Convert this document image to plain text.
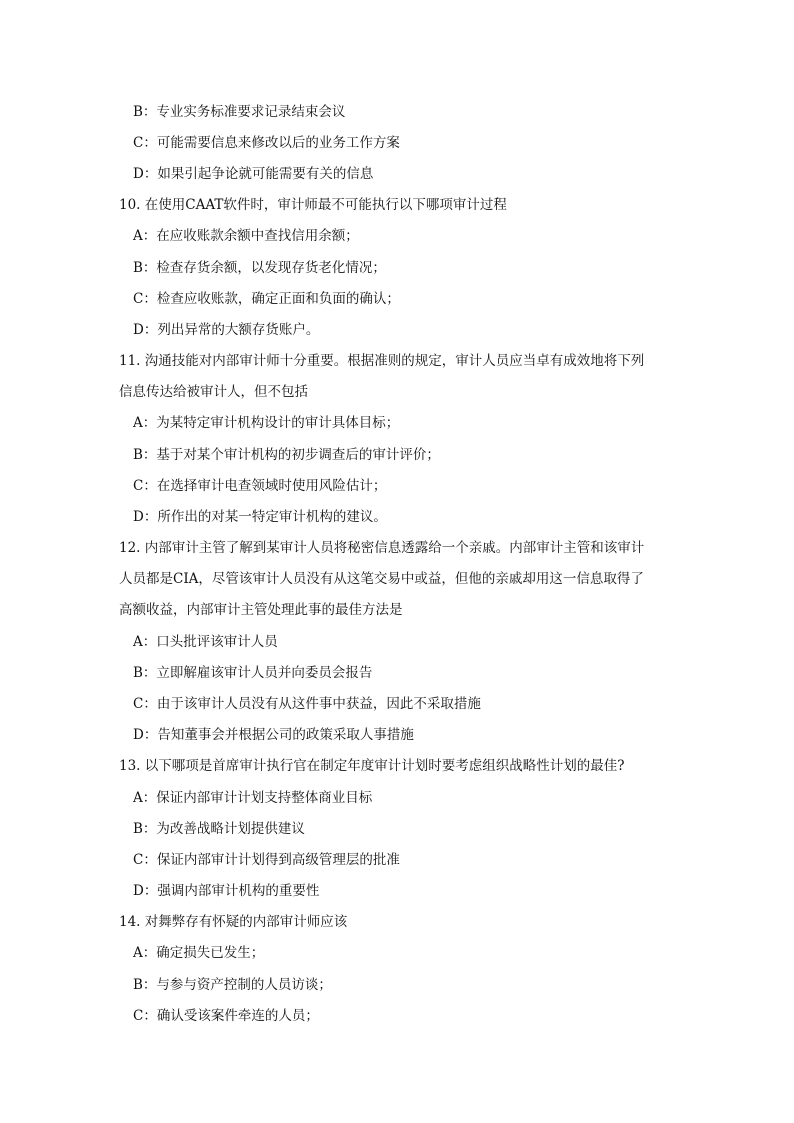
B：专业实务标准要求记录结束会议
C：可能需要信息来修改以后的业务工作方案
D：如果引起争论就可能需要有关的信息
10. 在使用CAAT软件时，审计师最不可能执行以下哪项审计过程
A：在应收账款余额中查找信用余额；
B：检查存货余额，以发现存货老化情况；
C：检查应收账款，确定正面和负面的确认；
D：列出异常的大额存货账户。
11. 沟通技能对内部审计师十分重要。根据准则的规定，审计人员应当卓有成效地将下列
信息传达给被审计人，但不包括
A：为某特定审计机构设计的审计具体目标；
B：基于对某个审计机构的初步调查后的审计评价；
C：在选择审计电查领域时使用风险估计；
D：所作出的对某一特定审计机构的建议。
12. 内部审计主管了解到某审计人员将秘密信息透露给一个亲戚。内部审计主管和该审计
人员都是CIA，尽管该审计人员没有从这笔交易中或益，但他的亲戚却用这一信息取得了
高额收益，内部审计主管处理此事的最佳方法是
A：口头批评该审计人员
B：立即解雇该审计人员并向委员会报告
C：由于该审计人员没有从这件事中获益，因此不采取措施
D：告知董事会并根据公司的政策采取人事措施
13. 以下哪项是首席审计执行官在制定年度审计计划时要考虑组织战略性计划的最佳?
A：保证内部审计计划支持整体商业目标
B：为改善战略计划提供建议
C：保证内部审计计划得到高级管理层的批准
D：强调内部审计机构的重要性
14. 对舞弊存有怀疑的内部审计师应该
A：确定损失已发生；
B：与参与资产控制的人员访谈；
C：确认受该案件牵连的人员；
